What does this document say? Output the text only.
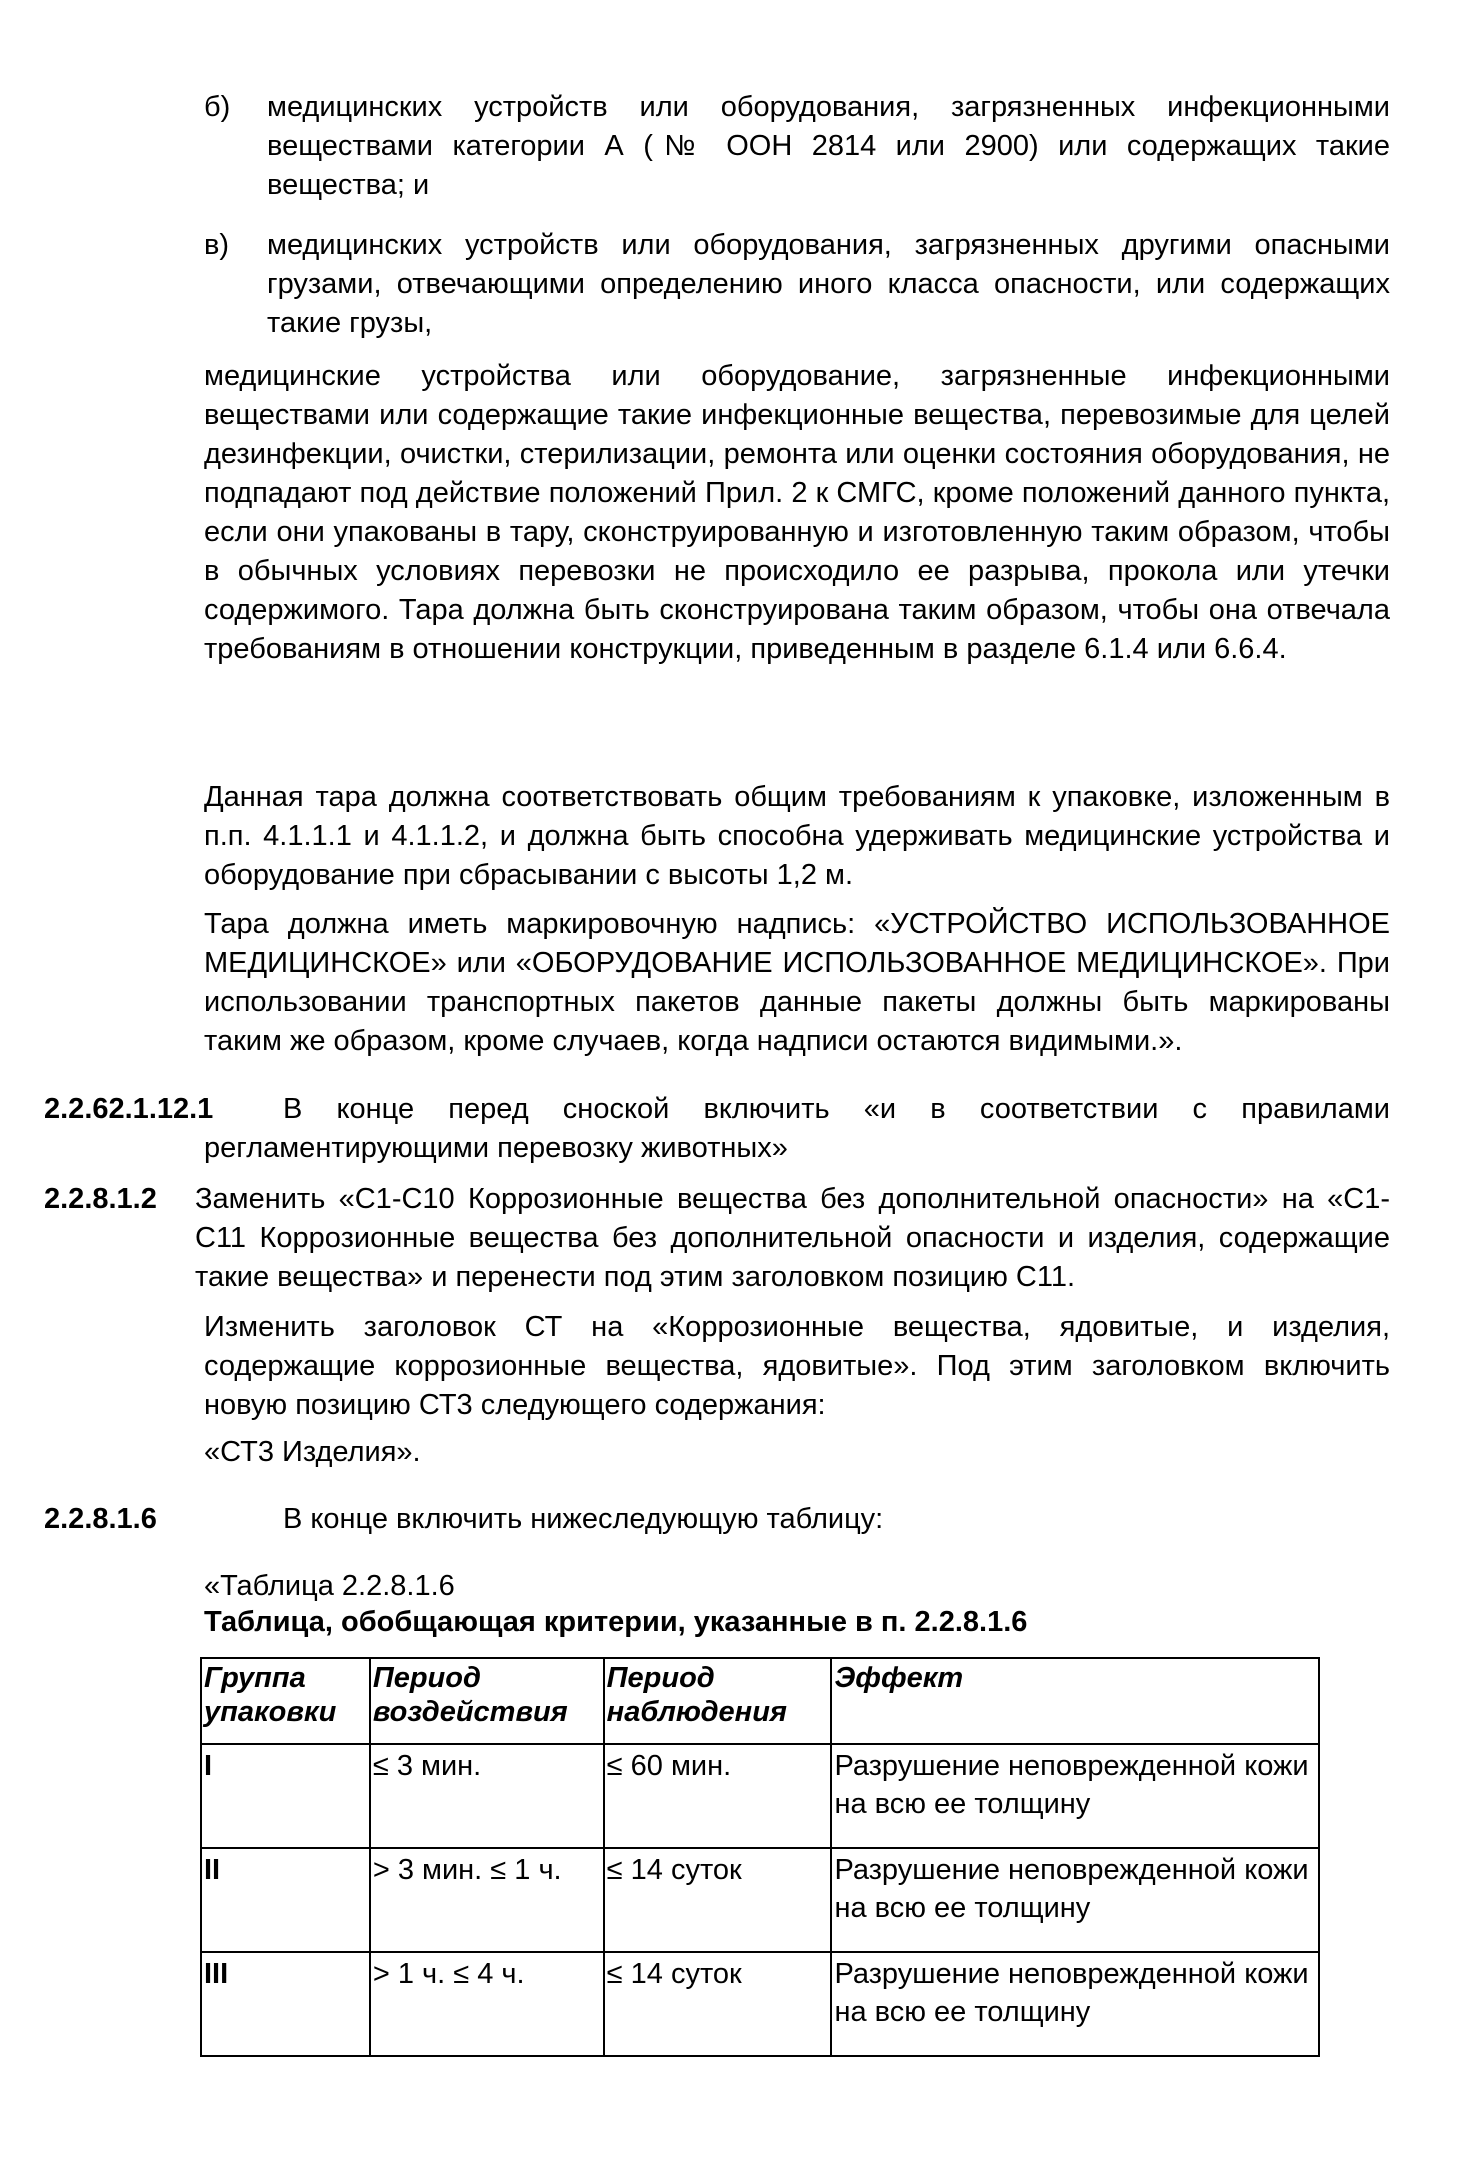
б) медицинских устройств или оборудования, загрязненных инфекционными веществами категории А (№ ООН 2814 или 2900) или содержащих такие вещества; и

в) медицинских устройств или оборудования, загрязненных другими опасными грузами, отвечающими определению иного класса опасности, или содержащих такие грузы,

медицинские устройства или оборудование, загрязненные инфекционными веществами или содержащие такие инфекционные вещества, перевозимые для целей дезинфекции, очистки, стерилизации, ремонта или оценки состояния оборудования, не подпадают под действие положений Прил. 2 к СМГС, кроме положений данного пункта, если они упакованы в тару, сконструированную и изготовленную таким образом, чтобы в обычных условиях перевозки не происходило ее разрыва, прокола или утечки содержимого. Тара должна быть сконструирована таким образом, чтобы она отвечала требованиям в отношении конструкции, приведенным в разделе 6.1.4 или 6.6.4.

Данная тара должна соответствовать общим требованиям к упаковке, изложенным в п.п. 4.1.1.1 и 4.1.1.2, и должна быть способна удерживать медицинские устройства и оборудование при сбрасывании с высоты 1,2 м.

Тара должна иметь маркировочную надпись: «УСТРОЙСТВО ИСПОЛЬЗОВАННОЕ МЕДИЦИНСКОЕ» или «ОБОРУДОВАНИЕ ИСПОЛЬЗОВАННОЕ МЕДИЦИНСКОЕ». При использовании транспортных пакетов данные пакеты должны быть маркированы таким же образом, кроме случаев, когда надписи остаются видимыми.».

2.2.62.1.12.1	В конце перед сноской включить «и в соответствии с правилами регламентирующими перевозку животных»

2.2.8.1.2 Заменить «С1-С10 Коррозионные вещества без дополнительной опасности» на «С1-С11 Коррозионные вещества без дополнительной опасности и изделия, содержащие такие вещества» и перенести под этим заголовком позицию С11.

Изменить заголовок СТ на «Коррозионные вещества, ядовитые, и изделия, содержащие коррозионные вещества, ядовитые». Под этим заголовком включить новую позицию СТ3 следующего содержания:

«СТ3 Изделия».

2.2.8.1.6	В конце включить нижеследующую таблицу:

«Таблица 2.2.8.1.6

Таблица, обобщающая критерии, указанные в п. 2.2.8.1.6

Группа упаковки	Период воздействия	Период наблюдения	Эффект
I	≤ 3 мин.	≤ 60 мин.	Разрушение неповрежденной кожи на всю ее толщину
II	> 3 мин. ≤ 1 ч.	≤ 14 суток	Разрушение неповрежденной кожи на всю ее толщину
III	> 1 ч. ≤ 4 ч.	≤ 14 суток	Разрушение неповрежденной кожи на всю ее толщину
